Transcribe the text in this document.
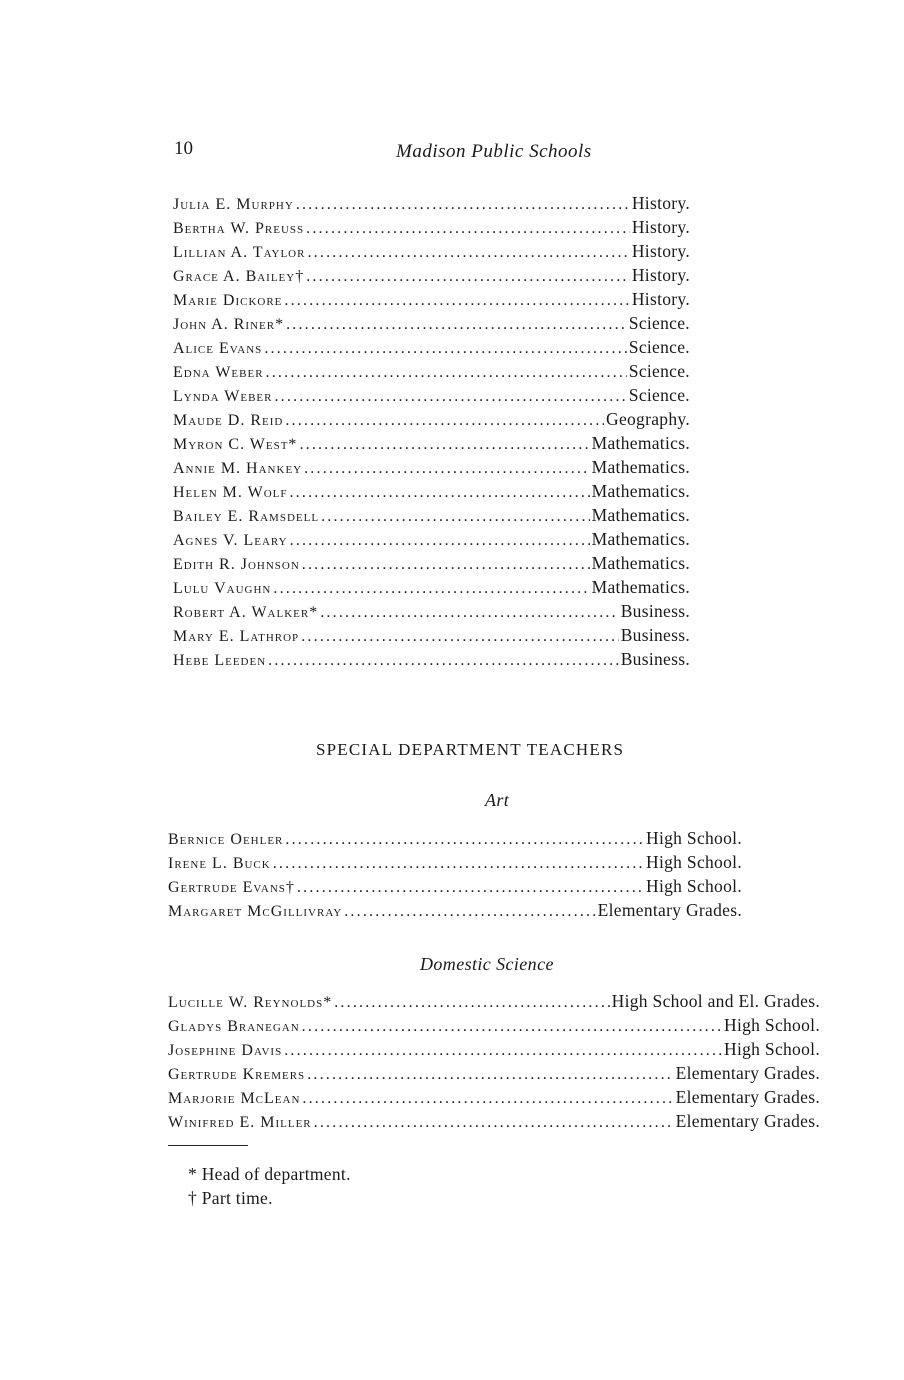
10	Madison Public Schools
Julia E. Murphy .....	History.
Bertha W. Preuss .....	History.
Lillian A. Taylor .....	History.
Grace A. Bailey† .....	History.
Marie Dickore .....	History.
John A. Riner* .....	Science.
Alice Evans .....	Science.
Edna Weber .....	Science.
Lynda Weber .....	Science.
Maude D. Reid .....	Geography.
Myron C. West* .....	Mathematics.
Annie M. Hankey .....	Mathematics.
Helen M. Wolf .....	Mathematics.
Bailey E. Ramsdell .....	Mathematics.
Agnes V. Leary .....	Mathematics.
Edith R. Johnson .....	Mathematics.
Lulu Vaughn .....	Mathematics.
Robert A. Walker* .....	Business.
Mary E. Lathrop .....	Business.
Hebe Leeden .....	Business.
SPECIAL DEPARTMENT TEACHERS
Art
Bernice Oehler .....	High School.
Irene L. Buck .....	High School.
Gertrude Evans† .....	High School.
Margaret McGillivray .....	Elementary Grades.
Domestic Science
Lucille W. Reynolds* .....	High School and El. Grades.
Gladys Branegan .....	High School.
Josephine Davis .....	High School.
Gertrude Kremers .....	Elementary Grades.
Marjorie McLean .....	Elementary Grades.
Winifred E. Miller .....	Elementary Grades.
* Head of department.
† Part time.
